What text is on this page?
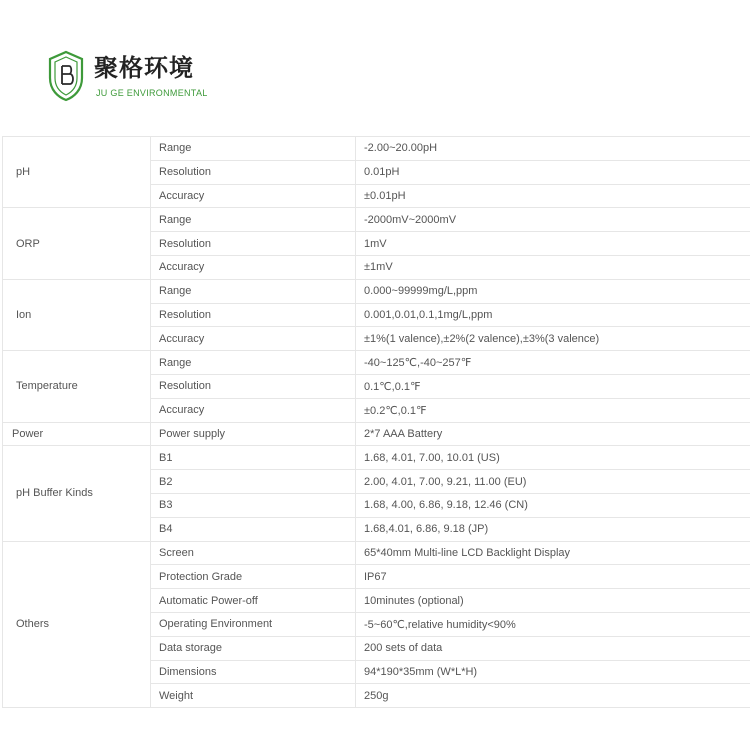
聚格环境
JU GE ENVIRONMENTAL
pH	Range	-2.00~20.00pH
	Resolution	0.01pH
	Accuracy	±0.01pH
ORP	Range	-2000mV~2000mV
	Resolution	1mV
	Accuracy	±1mV
Ion	Range	0.000~99999mg/L,ppm
	Resolution	0.001,0.01,0.1,1mg/L,ppm
	Accuracy	±1%(1 valence),±2%(2 valence),±3%(3 valence)
Temperature	Range	-40~125℃,-40~257℉
	Resolution	0.1℃,0.1℉
	Accuracy	±0.2℃,0.1℉
Power	Power supply	2*7 AAA Battery
pH Buffer Kinds	B1	1.68, 4.01, 7.00, 10.01 (US)
	B2	2.00, 4.01, 7.00, 9.21, 11.00 (EU)
	B3	1.68, 4.00, 6.86, 9.18, 12.46 (CN)
	B4	1.68,4.01, 6.86, 9.18 (JP)
Others	Screen	65*40mm Multi-line LCD Backlight Display
	Protection Grade	IP67
	Automatic Power-off	10minutes (optional)
	Operating Environment	-5~60℃,relative humidity<90%
	Data storage	200 sets of data
	Dimensions	94*190*35mm (W*L*H)
	Weight	250g
